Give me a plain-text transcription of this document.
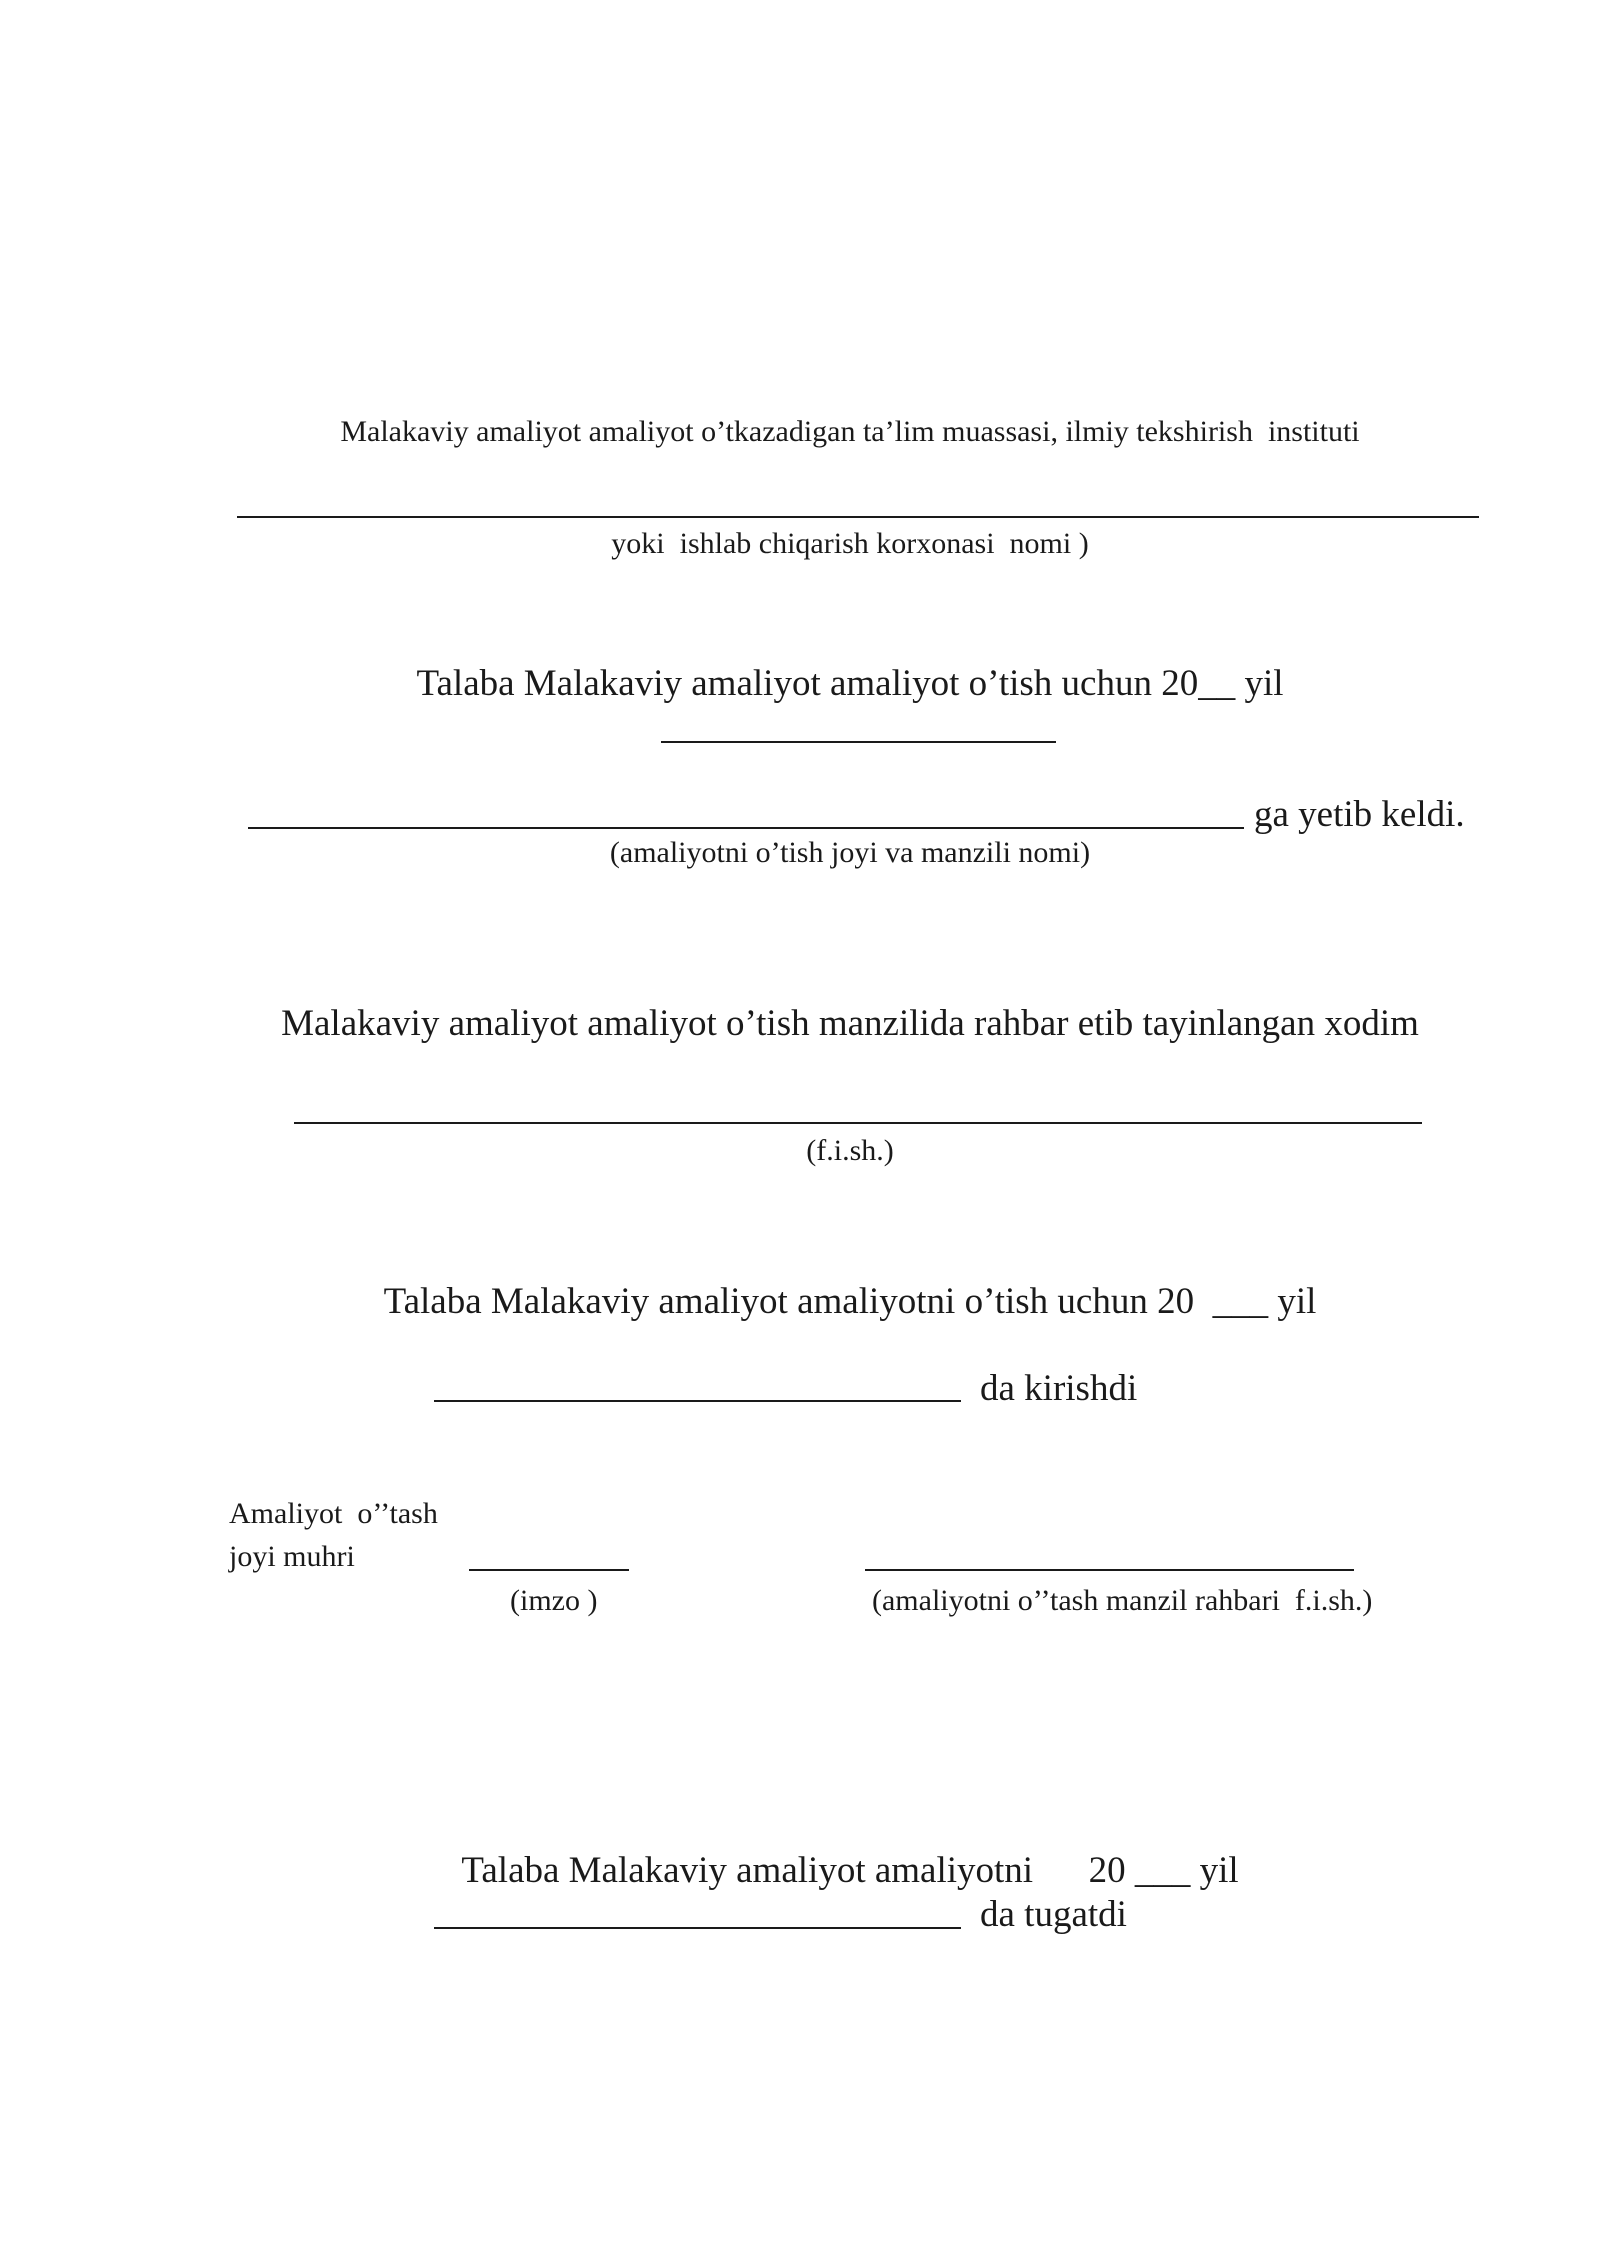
Malakaviy amaliyot amaliyot o’tkazadigan ta’lim muassasi, ilmiy tekshirish  instituti
yoki  ishlab chiqarish korxonasi  nomi )
Talaba Malakaviy amaliyot amaliyot o’tish uchun 20__ yil
ga yetib keldi.
(amaliyotni o’tish joyi va manzili nomi)
Malakaviy amaliyot amaliyot o’tish manzilida rahbar etib tayinlangan xodim
(f.i.sh.)
Talaba Malakaviy amaliyot amaliyotni o’tish uchun 20  ___ yil
da kirishdi
Amaliyot  o’’tash
joyi muhri
(imzo )	(amaliyotni o’’tash manzil rahbari  f.i.sh.)
Talaba Malakaviy amaliyot amaliyotni      20 ___ yil
da tugatdi
